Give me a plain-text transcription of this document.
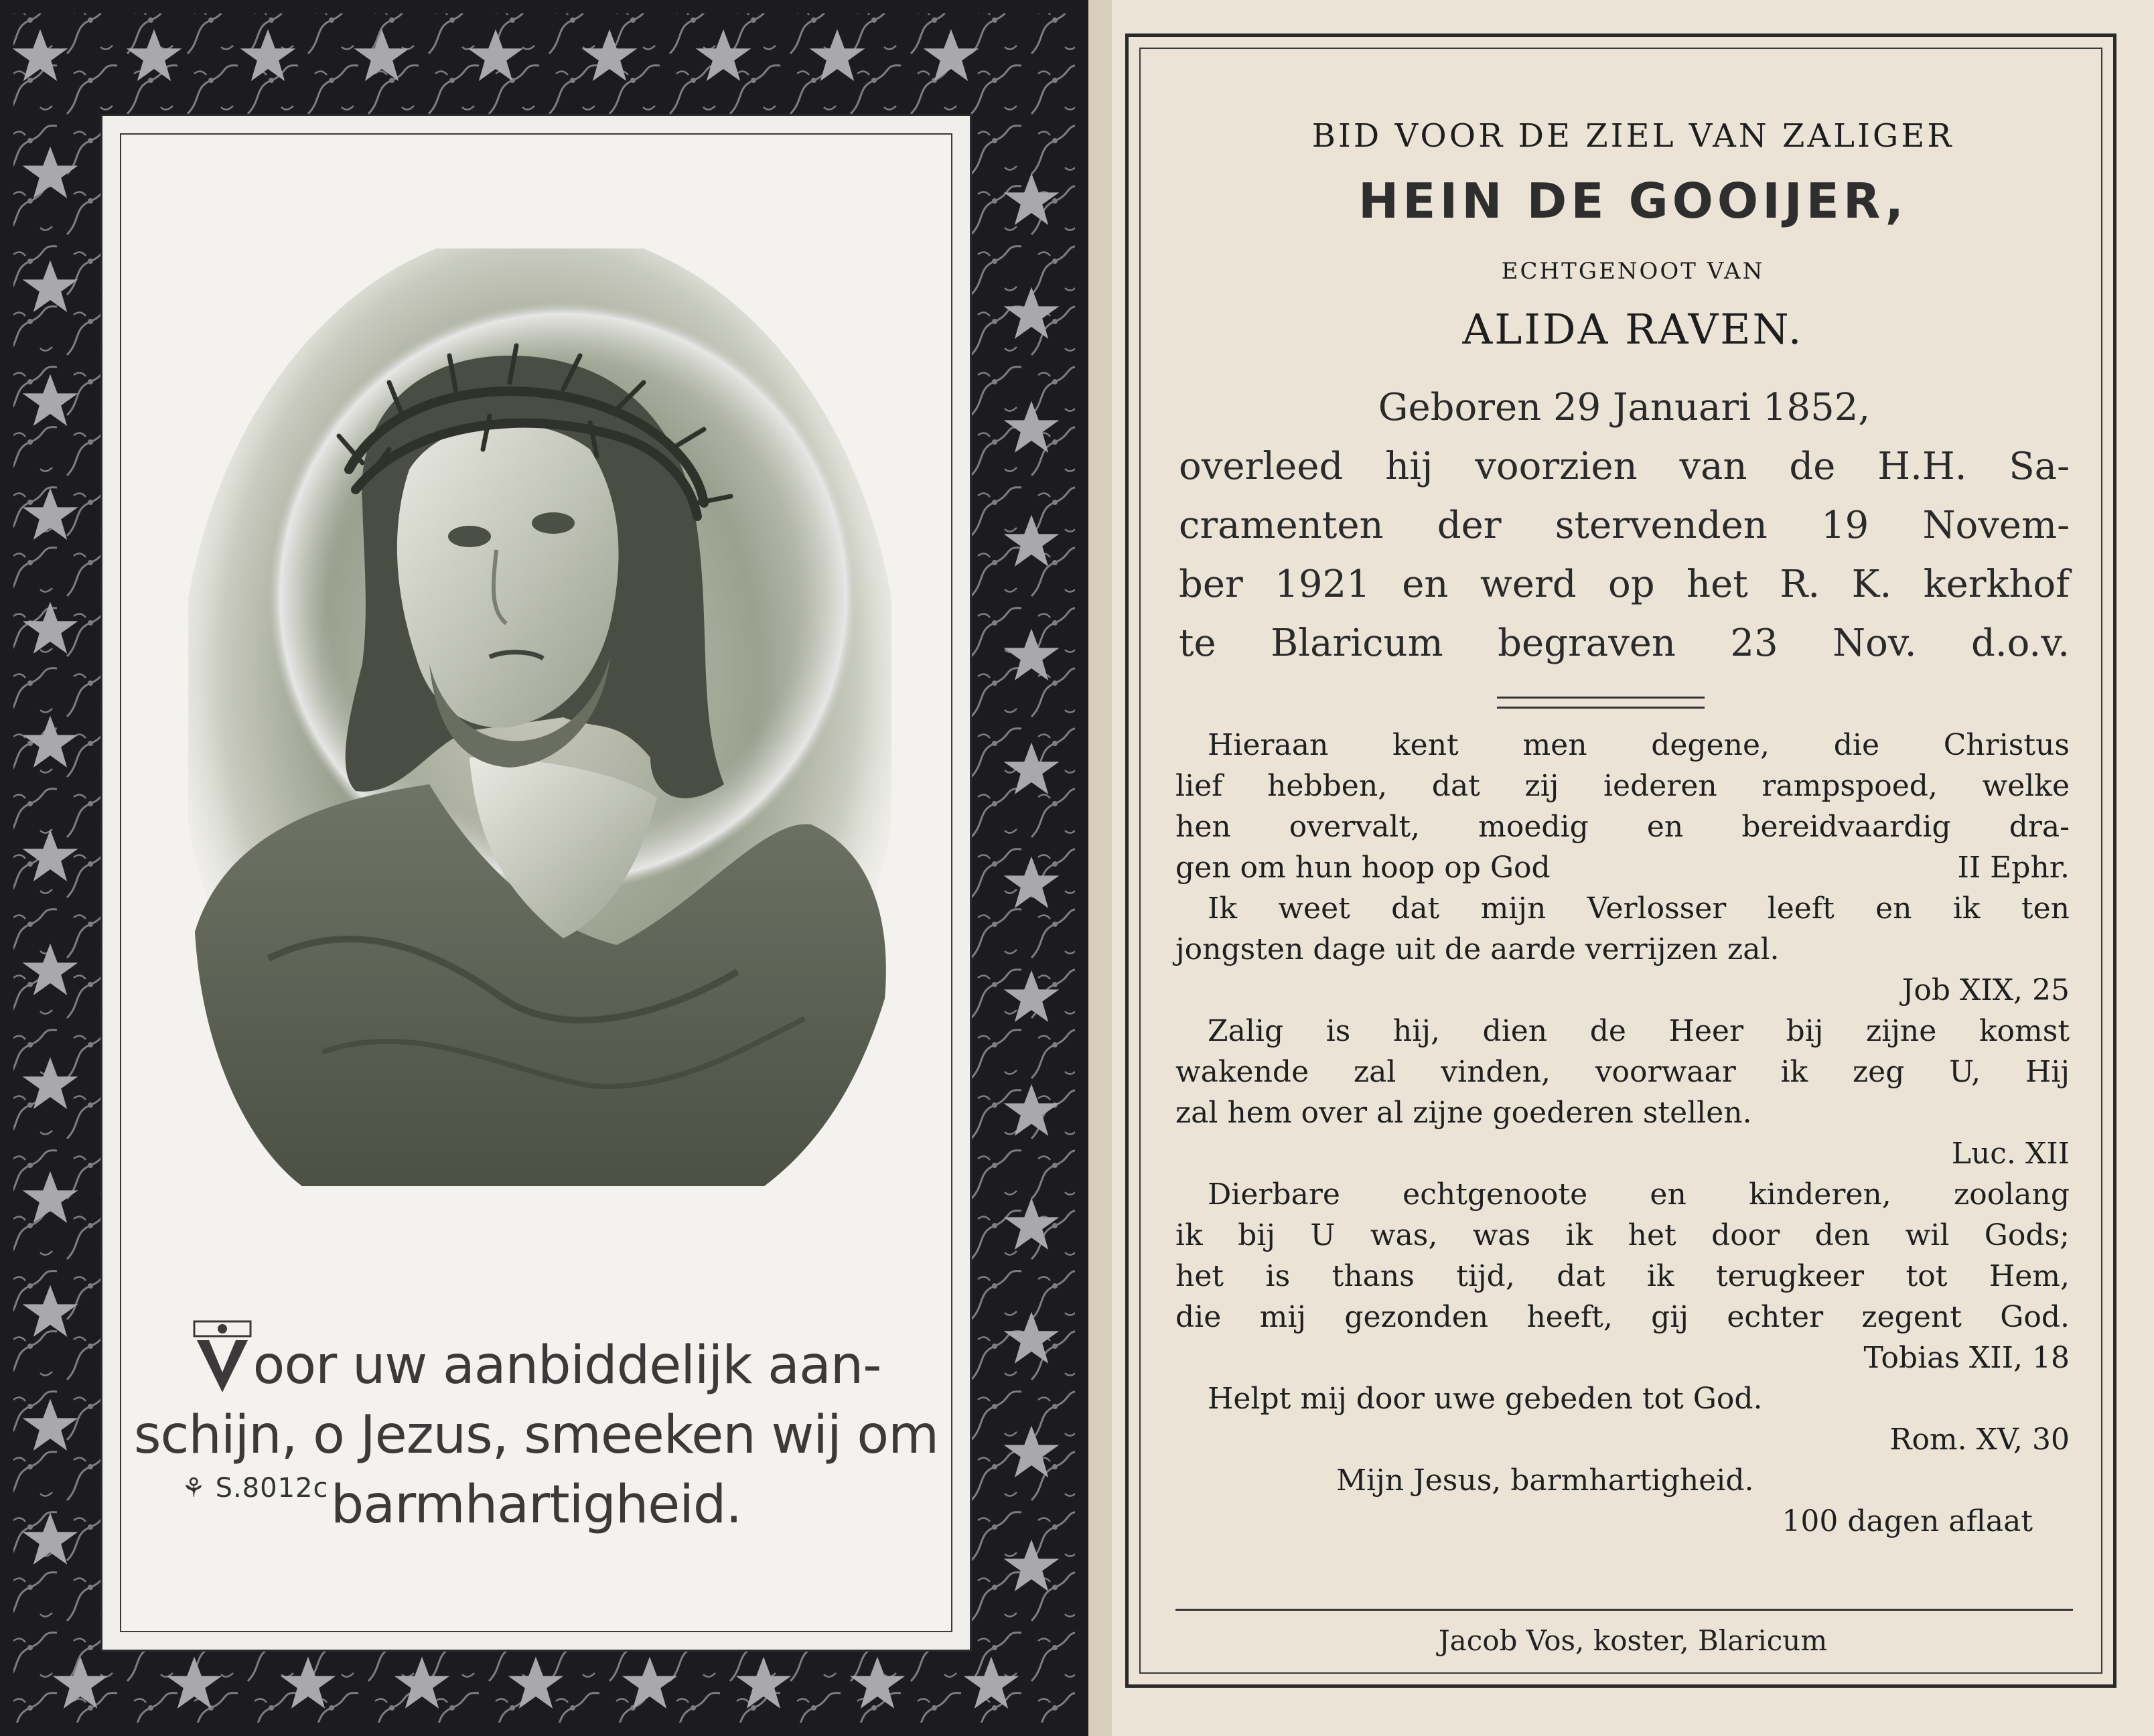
oor uw aanbiddelijk aan-
schijn, o Jezus, smeeken wij om
barmhartigheid.
⚘ S.8012c
BID VOOR DE ZIEL VAN ZALIGER
HEIN DE GOOIJER,
ECHTGENOOT VAN
ALIDA RAVEN.
Geboren 29 Januari 1852,
overleed hij voorzien van de H.H. Sa-
cramenten der stervenden 19 Novem-
ber 1921 en werd op het R. K. kerkhof
te Blaricum begraven 23 Nov. d.o.v.
Hieraan kent men degene, die Christus
lief hebben, dat zij iederen rampspoed, welke
hen overvalt, moedig en bereidvaardig dra-
gen om hun hoop op God	II Ephr.
Ik weet dat mijn Verlosser leeft en ik ten
jongsten dage uit de aarde verrijzen zal.
Job XIX, 25
Zalig is hij, dien de Heer bij zijne komst
wakende zal vinden, voorwaar ik zeg U, Hij
zal hem over al zijne goederen stellen.
Luc. XII
Dierbare echtgenoote en kinderen, zoolang
ik bij U was, was ik het door den wil Gods;
het is thans tijd, dat ik terugkeer tot Hem,
die mij gezonden heeft, gij echter zegent God.
Tobias XII, 18
Helpt mij door uwe gebeden tot God.
Rom. XV, 30
Mijn Jesus, barmhartigheid.
100 dagen aflaat
Jacob Vos, koster, Blaricum
